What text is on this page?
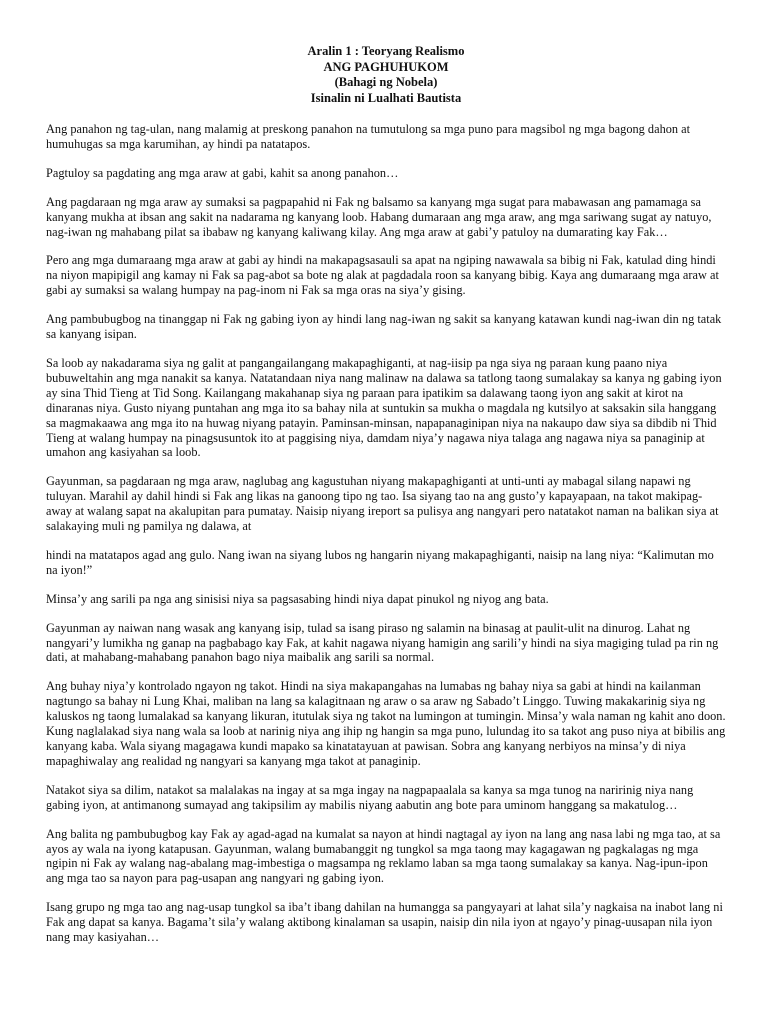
Aralin 1 : Teoryang Realismo
ANG PAGHUHUKOM
(Bahagi ng Nobela)
Isinalin ni Lualhati Bautista

Ang panahon ng tag-ulan, nang malamig at preskong panahon na tumutulong sa mga puno para magsibol ng mga bagong dahon at humuhugas sa mga karumihan, ay hindi pa natatapos.

Pagtuloy sa pagdating ang mga araw at gabi, kahit sa anong panahon…

Ang pagdaraan ng mga araw ay sumaksi sa pagpapahid ni Fak ng balsamo sa kanyang mga sugat para mabawasan ang pamamaga sa kanyang mukha at ibsan ang sakit na nadarama ng kanyang loob. Habang dumaraan ang mga araw, ang mga sariwang sugat ay natuyo, nag-iwan ng mahabang pilat sa ibabaw ng kanyang kaliwang kilay. Ang mga araw at gabi’y patuloy na dumarating kay Fak…

Pero ang mga dumaraang mga araw at gabi ay hindi na makapagsasauli sa apat na ngiping nawawala sa bibig ni Fak, katulad ding hindi na niyon mapipigil ang kamay ni Fak sa pag-abot sa bote ng alak at pagdadala roon sa kanyang bibig. Kaya ang dumaraang mga araw at gabi ay sumaksi sa walang humpay na pag-inom ni Fak sa mga oras na siya’y gising.

Ang pambubugbog na tinanggap ni Fak ng gabing iyon ay hindi lang nag-iwan ng sakit sa kanyang katawan kundi nag-iwan din ng tatak sa kanyang isipan.

Sa loob ay nakadarama siya ng galit at pangangailangang makapaghiganti, at nag-iisip pa nga siya ng paraan kung paano niya bubuweltahin ang mga nanakit sa kanya. Natatandaan niya nang malinaw na dalawa sa tatlong taong sumalakay sa kanya ng gabing iyon ay sina Thid Tieng at Tid Song. Kailangang makahanap siya ng paraan para ipatikim sa dalawang taong iyon ang sakit at kirot na dinaranas niya. Gusto niyang puntahan ang mga ito sa bahay nila at suntukin sa mukha o magdala ng kutsilyo at saksakin sila hanggang sa magmakaawa ang mga ito na huwag niyang patayin. Paminsan-minsan, napapanaginipan niya na nakaupo daw siya sa dibdib ni Thid Tieng at walang humpay na pinagsusuntok ito at paggising niya, damdam niya’y nagawa niya talaga ang nagawa niya sa panaginip at umahon ang kasiyahan sa loob.

Gayunman, sa pagdaraan ng mga araw, naglubag ang kagustuhan niyang makapaghiganti at unti-unti ay mabagal silang napawi ng tuluyan. Marahil ay dahil hindi si Fak ang likas na ganoong tipo ng tao. Isa siyang tao na ang gusto’y kapayapaan, na takot makipag-away at walang sapat na akalupitan para pumatay. Naisip niyang ireport sa pulisya ang nangyari pero natatakot naman na balikan siya at salakaying muli ng pamilya ng dalawa, at

hindi na matatapos agad ang gulo. Nang iwan na siyang lubos ng hangarin niyang makapaghiganti, naisip na lang niya: “Kalimutan mo na iyon!”

Minsa’y ang sarili pa nga ang sinisisi niya sa pagsasabing hindi niya dapat pinukol ng niyog ang bata.

Gayunman ay naiwan nang wasak ang kanyang isip, tulad sa isang piraso ng salamin na binasag at paulit-ulit na dinurog. Lahat ng nangyari’y lumikha ng ganap na pagbabago kay Fak, at kahit nagawa niyang hamigin ang sarili’y hindi na siya magiging tulad pa rin ng dati, at mahabang-mahabang panahon bago niya maibalik ang sarili sa normal.

Ang buhay niya’y kontrolado ngayon ng takot. Hindi na siya makapangahas na lumabas ng bahay niya sa gabi at hindi na kailanman nagtungo sa bahay ni Lung Khai, maliban na lang sa kalagitnaan ng araw o sa araw ng Sabado’t Linggo. Tuwing makakarinig siya ng kaluskos ng taong lumalakad sa kanyang likuran, itutulak siya ng takot na lumingon at tumingin. Minsa’y wala naman ng kahit ano doon. Kung naglalakad siya nang wala sa loob at narinig niya ang ihip ng hangin sa mga puno, lulundag ito sa takot ang puso niya at bibilis ang kanyang kaba. Wala siyang magagawa kundi mapako sa kinatatayuan at pawisan. Sobra ang kanyang nerbiyos na minsa’y di niya mapaghiwalay ang realidad ng nangyari sa kanyang mga takot at panaginip.

Natakot siya sa dilim, natakot sa malalakas na ingay at sa mga ingay na nagpapaalala sa kanya sa mga tunog na naririnig niya nang gabing iyon, at antimanong sumayad ang takipsilim ay mabilis niyang aabutin ang bote para uminom hanggang sa makatulog…

Ang balita ng pambubugbog kay Fak ay agad-agad na kumalat sa nayon at hindi nagtagal ay iyon na lang ang nasa labi ng mga tao, at sa ayos ay wala na iyong katapusan. Gayunman, walang bumabanggit ng tungkol sa mga taong may kagagawan ng pagkalagas ng mga ngipin ni Fak ay walang nag-abalang mag-imbestiga o magsampa ng reklamo laban sa mga taong sumalakay sa kanya. Nag-ipun-ipon ang mga tao sa nayon para pag-usapan ang nangyari ng gabing iyon.

Isang grupo ng mga tao ang nag-usap tungkol sa iba’t ibang dahilan na humangga sa pangyayari at lahat sila’y nagkaisa na inabot lang ni Fak ang dapat sa kanya. Bagama’t sila’y walang aktibong kinalaman sa usapin, naisip din nila iyon at ngayo’y pinag-uusapan nila iyon nang may kasiyahan…
